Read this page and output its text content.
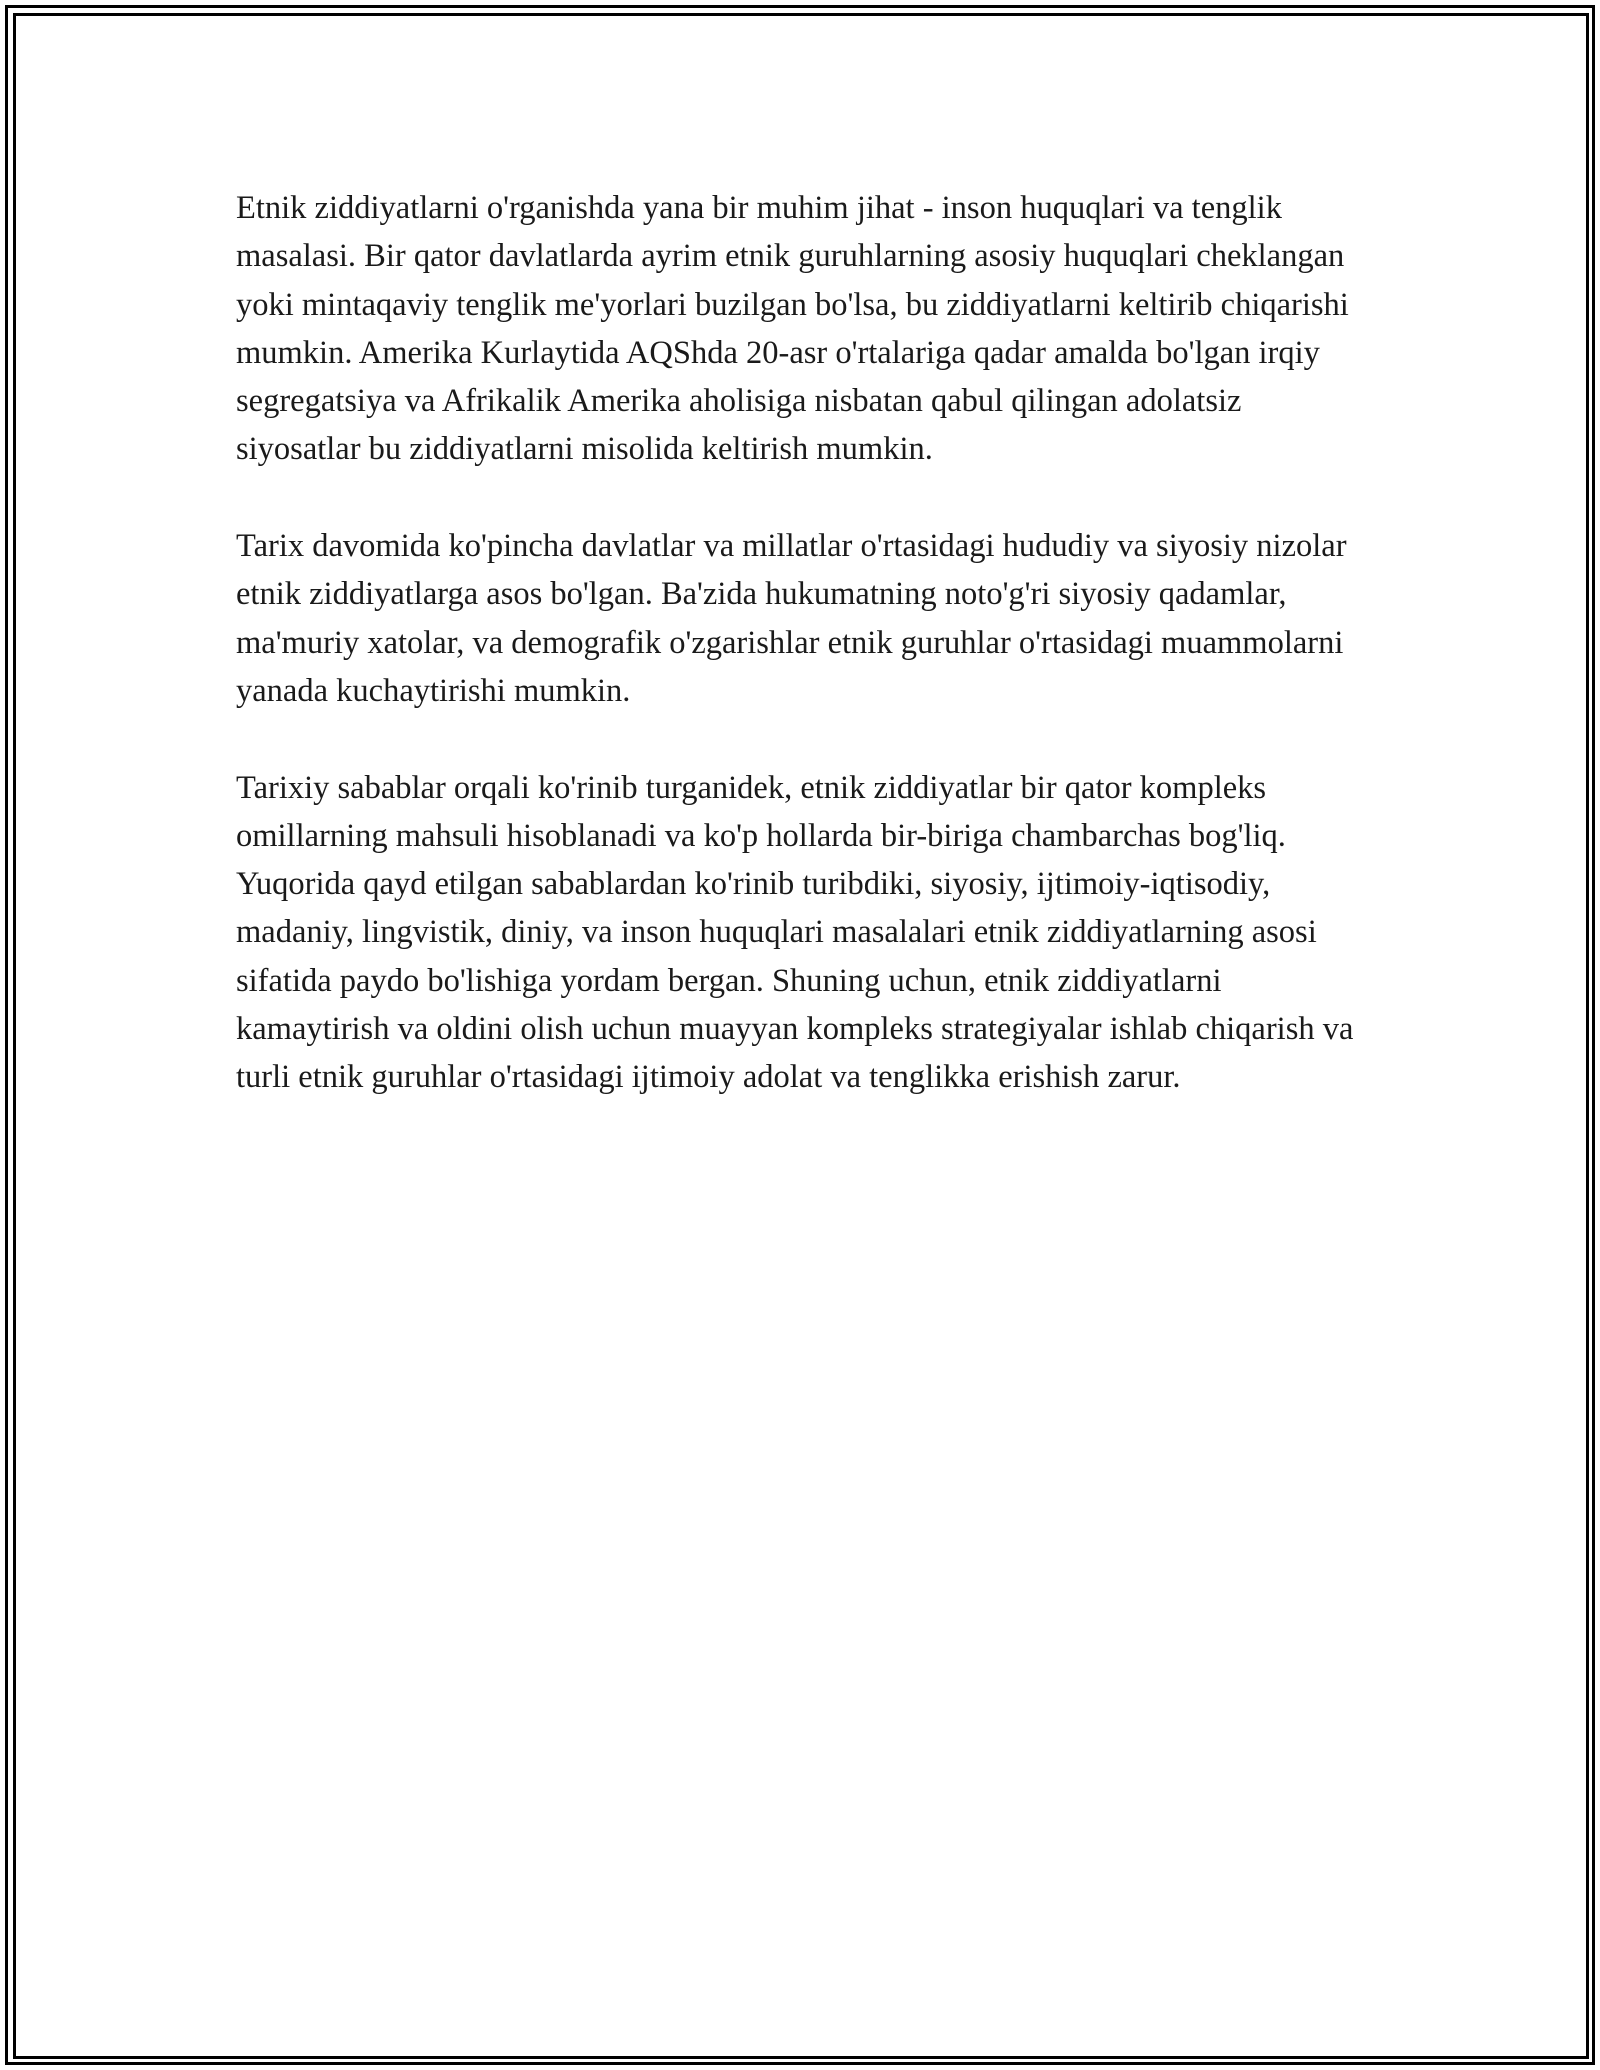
Etnik ziddiyatlarni o'rganishda yana bir muhim jihat - inson huquqlari va tenglik masalasi. Bir qator davlatlarda ayrim etnik guruhlarning asosiy huquqlari cheklangan yoki mintaqaviy tenglik me'yorlari buzilgan bo'lsa, bu ziddiyatlarni keltirib chiqarishi mumkin. Amerika Kurlaytida AQShda 20-asr o'rtalariga qadar amalda bo'lgan irqiy segregatsiya va Afrikalik Amerika aholisiga nisbatan qabul qilingan adolatsiz siyosatlar bu ziddiyatlarni misolida keltirish mumkin.

Tarix davomida ko'pincha davlatlar va millatlar o'rtasidagi hududiy va siyosiy nizolar etnik ziddiyatlarga asos bo'lgan. Ba'zida hukumatning noto'g'ri siyosiy qadamlar, ma'muriy xatolar, va demografik o'zgarishlar etnik guruhlar o'rtasidagi muammolarni yanada kuchaytirishi mumkin.

Tarixiy sabablar orqali ko'rinib turganidek, etnik ziddiyatlar bir qator kompleks omillarning mahsuli hisoblanadi va ko'p hollarda bir-biriga chambarchas bog'liq. Yuqorida qayd etilgan sabablardan ko'rinib turibdiki, siyosiy, ijtimoiy-iqtisodiy, madaniy, lingvistik, diniy, va inson huquqlari masalalari etnik ziddiyatlarning asosi sifatida paydo bo'lishiga yordam bergan. Shuning uchun, etnik ziddiyatlarni kamaytirish va oldini olish uchun muayyan kompleks strategiyalar ishlab chiqarish va turli etnik guruhlar o'rtasidagi ijtimoiy adolat va tenglikka erishish zarur.
